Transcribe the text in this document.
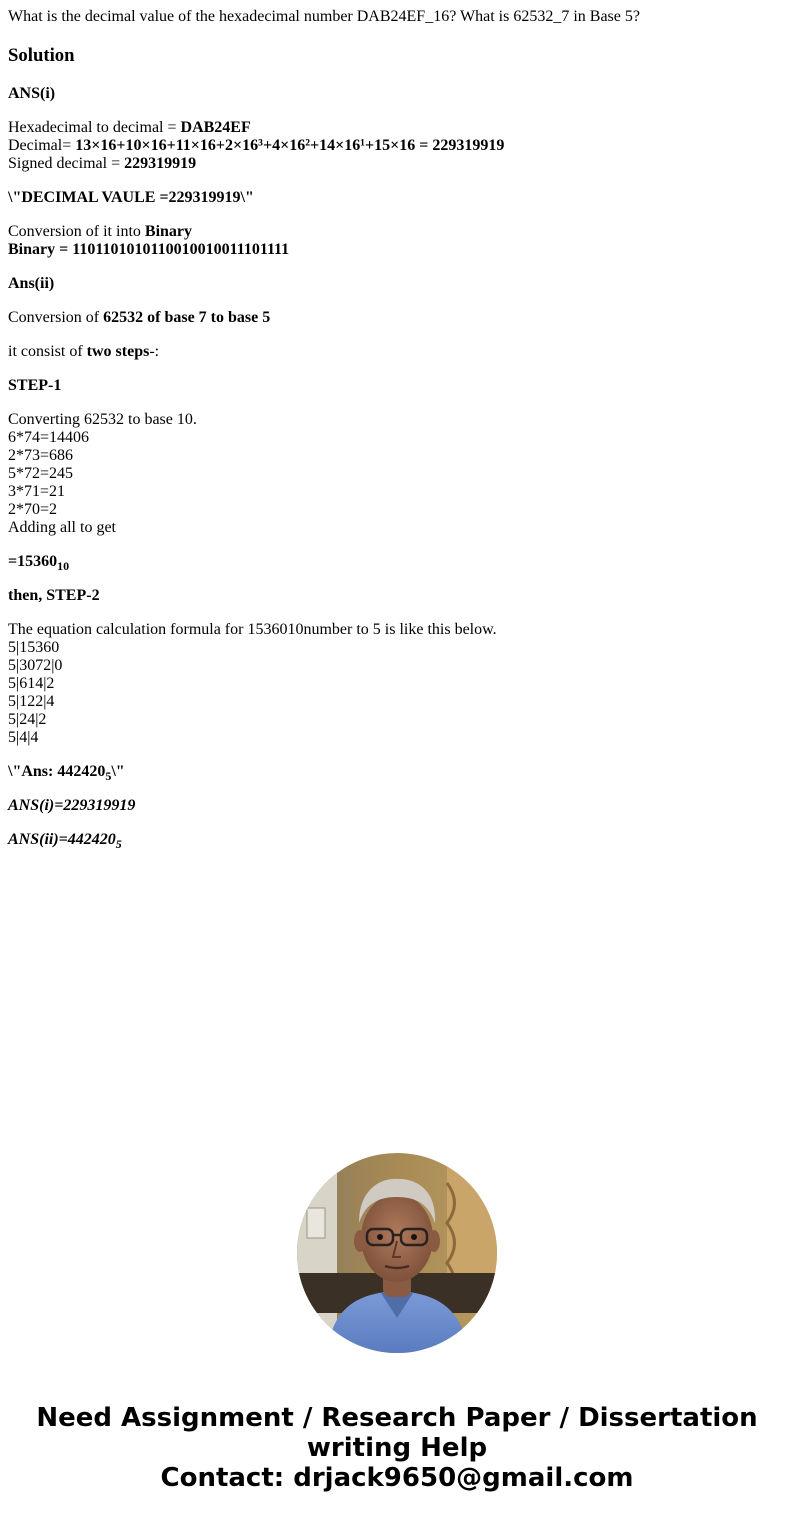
What is the decimal value of the hexadecimal number DAB24EF_16? What is 62532_7 in Base 5?

Solution

ANS(i)

Hexadecimal to decimal = DAB24EF
Decimal= 13×16+10×16+11×16+2×16³+4×16²+14×16¹+15×16 = 229319919
Signed decimal = 229319919

\"DECIMAL VAULE =229319919\"

Conversion of it into Binary
Binary = 1101101010110010010011101111

Ans(ii)

Conversion of 62532 of base 7 to base 5

it consist of two steps-:

STEP-1

Converting 62532 to base 10.
6*74=14406
2*73=686
5*72=245
3*71=21
2*70=2
Adding all to get

$=15360_{10}$

then, STEP-2

The equation calculation formula for 1536010number to 5 is like this below.
5|15360
5|3072|0
5|614|2
5|122|4
5|24|2
5|4|4

\"Ans: $442420_5\backslash$"

ANS(i)=229319919

$ANS(ii)=442420_5$

Need Assignment / Research Paper / Dissertation
writing Help
Contact: drjack9650@gmail.com
